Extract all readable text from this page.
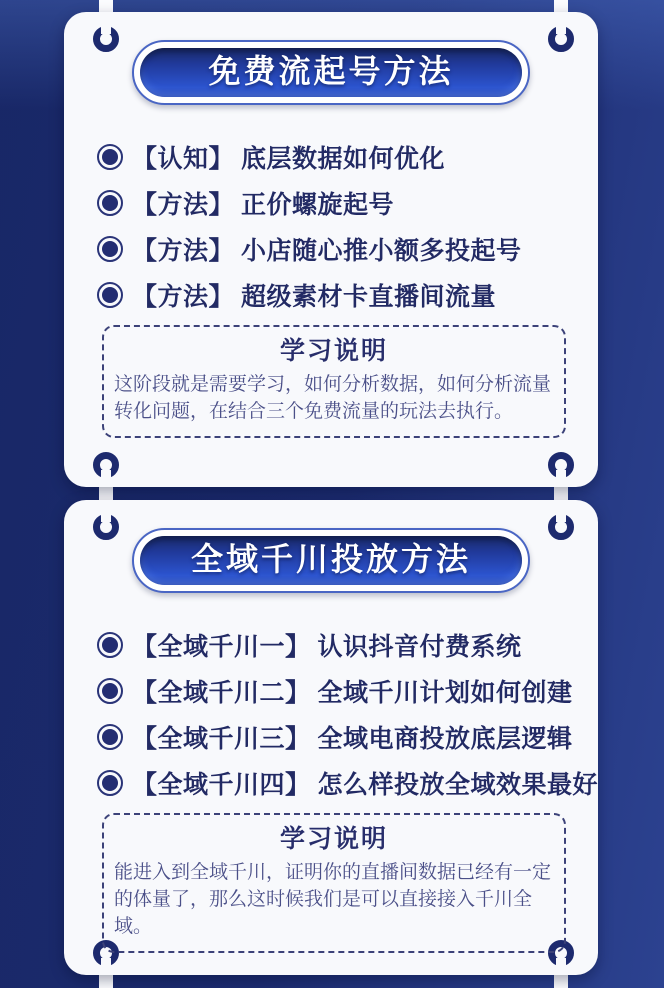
免费流起号方法
【认知】 底层数据如何优化
【方法】 正价螺旋起号
【方法】 小店随心推小额多投起号
【方法】 超级素材卡直播间流量
学习说明
这阶段就是需要学习，如何分析数据，如何分析流量转化问题，在结合三个免费流量的玩法去执行。
全域千川投放方法
【全域千川一】 认识抖音付费系统
【全域千川二】 全域千川计划如何创建
【全域千川三】 全域电商投放底层逻辑
【全域千川四】 怎么样投放全域效果最好
学习说明
能进入到全域千川，证明你的直播间数据已经有一定的体量了，那么这时候我们是可以直接接入千川全域。
